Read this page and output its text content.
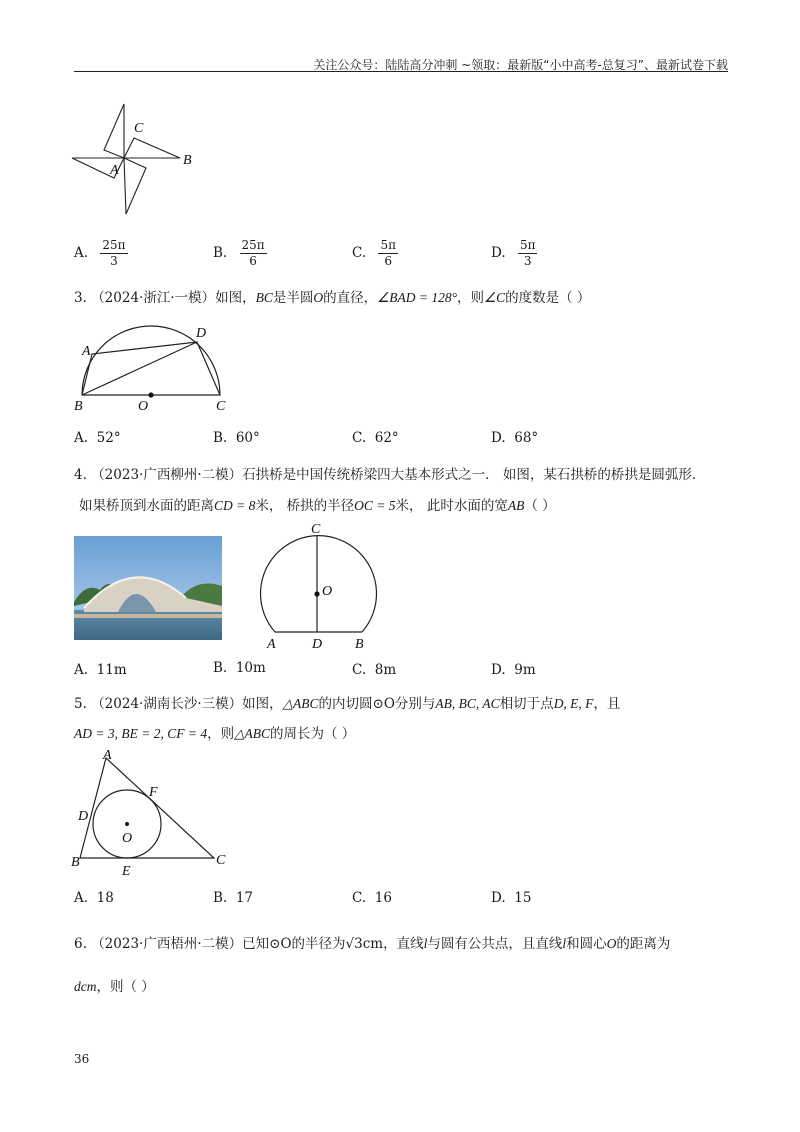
关注公众号：陆陆高分冲刺 ~领取：最新版“小中高考-总复习”、最新试卷下载
C
B
A
A. $\frac{25\pi}{3}$	B. $\frac{25\pi}{6}$	C. $\frac{5\pi}{6}$	D. $\frac{5\pi}{3}$
3. （2024·浙江·一模）如图，BC是半圆O的直径，∠BAD = 128°，则∠C的度数是（ ）
D
A
B	O	C
A. 52°	B. 60°	C. 62°	D. 68°
4. （2023·广西柳州·二模）石拱桥是中国传统桥梁四大基本形式之一． 如图，某石拱桥的桥拱是圆弧形.
如果桥顶到水面的距离CD = 8米， 桥拱的半径OC = 5米， 此时水面的宽AB（ ）
C
O
A	D B
A. 11m	B. 10m	C. 8m	D. 9m
5. （2024·湖南长沙·三模）如图，△ABC的内切圆⊙O分别与AB, BC, AC相切于点D, E, F，且
AD = 3, BE = 2, CF = 4，则△ABC的周长为（ ）
A
F
D
O
B	C
E
A. 18	B. 17	C. 16	D. 15
6. （2023·广西梧州·二模）已知⊙O的半径为√3cm，直线l与圆有公共点，且直线l和圆心O的距离为
dcm，则（ ）
36
